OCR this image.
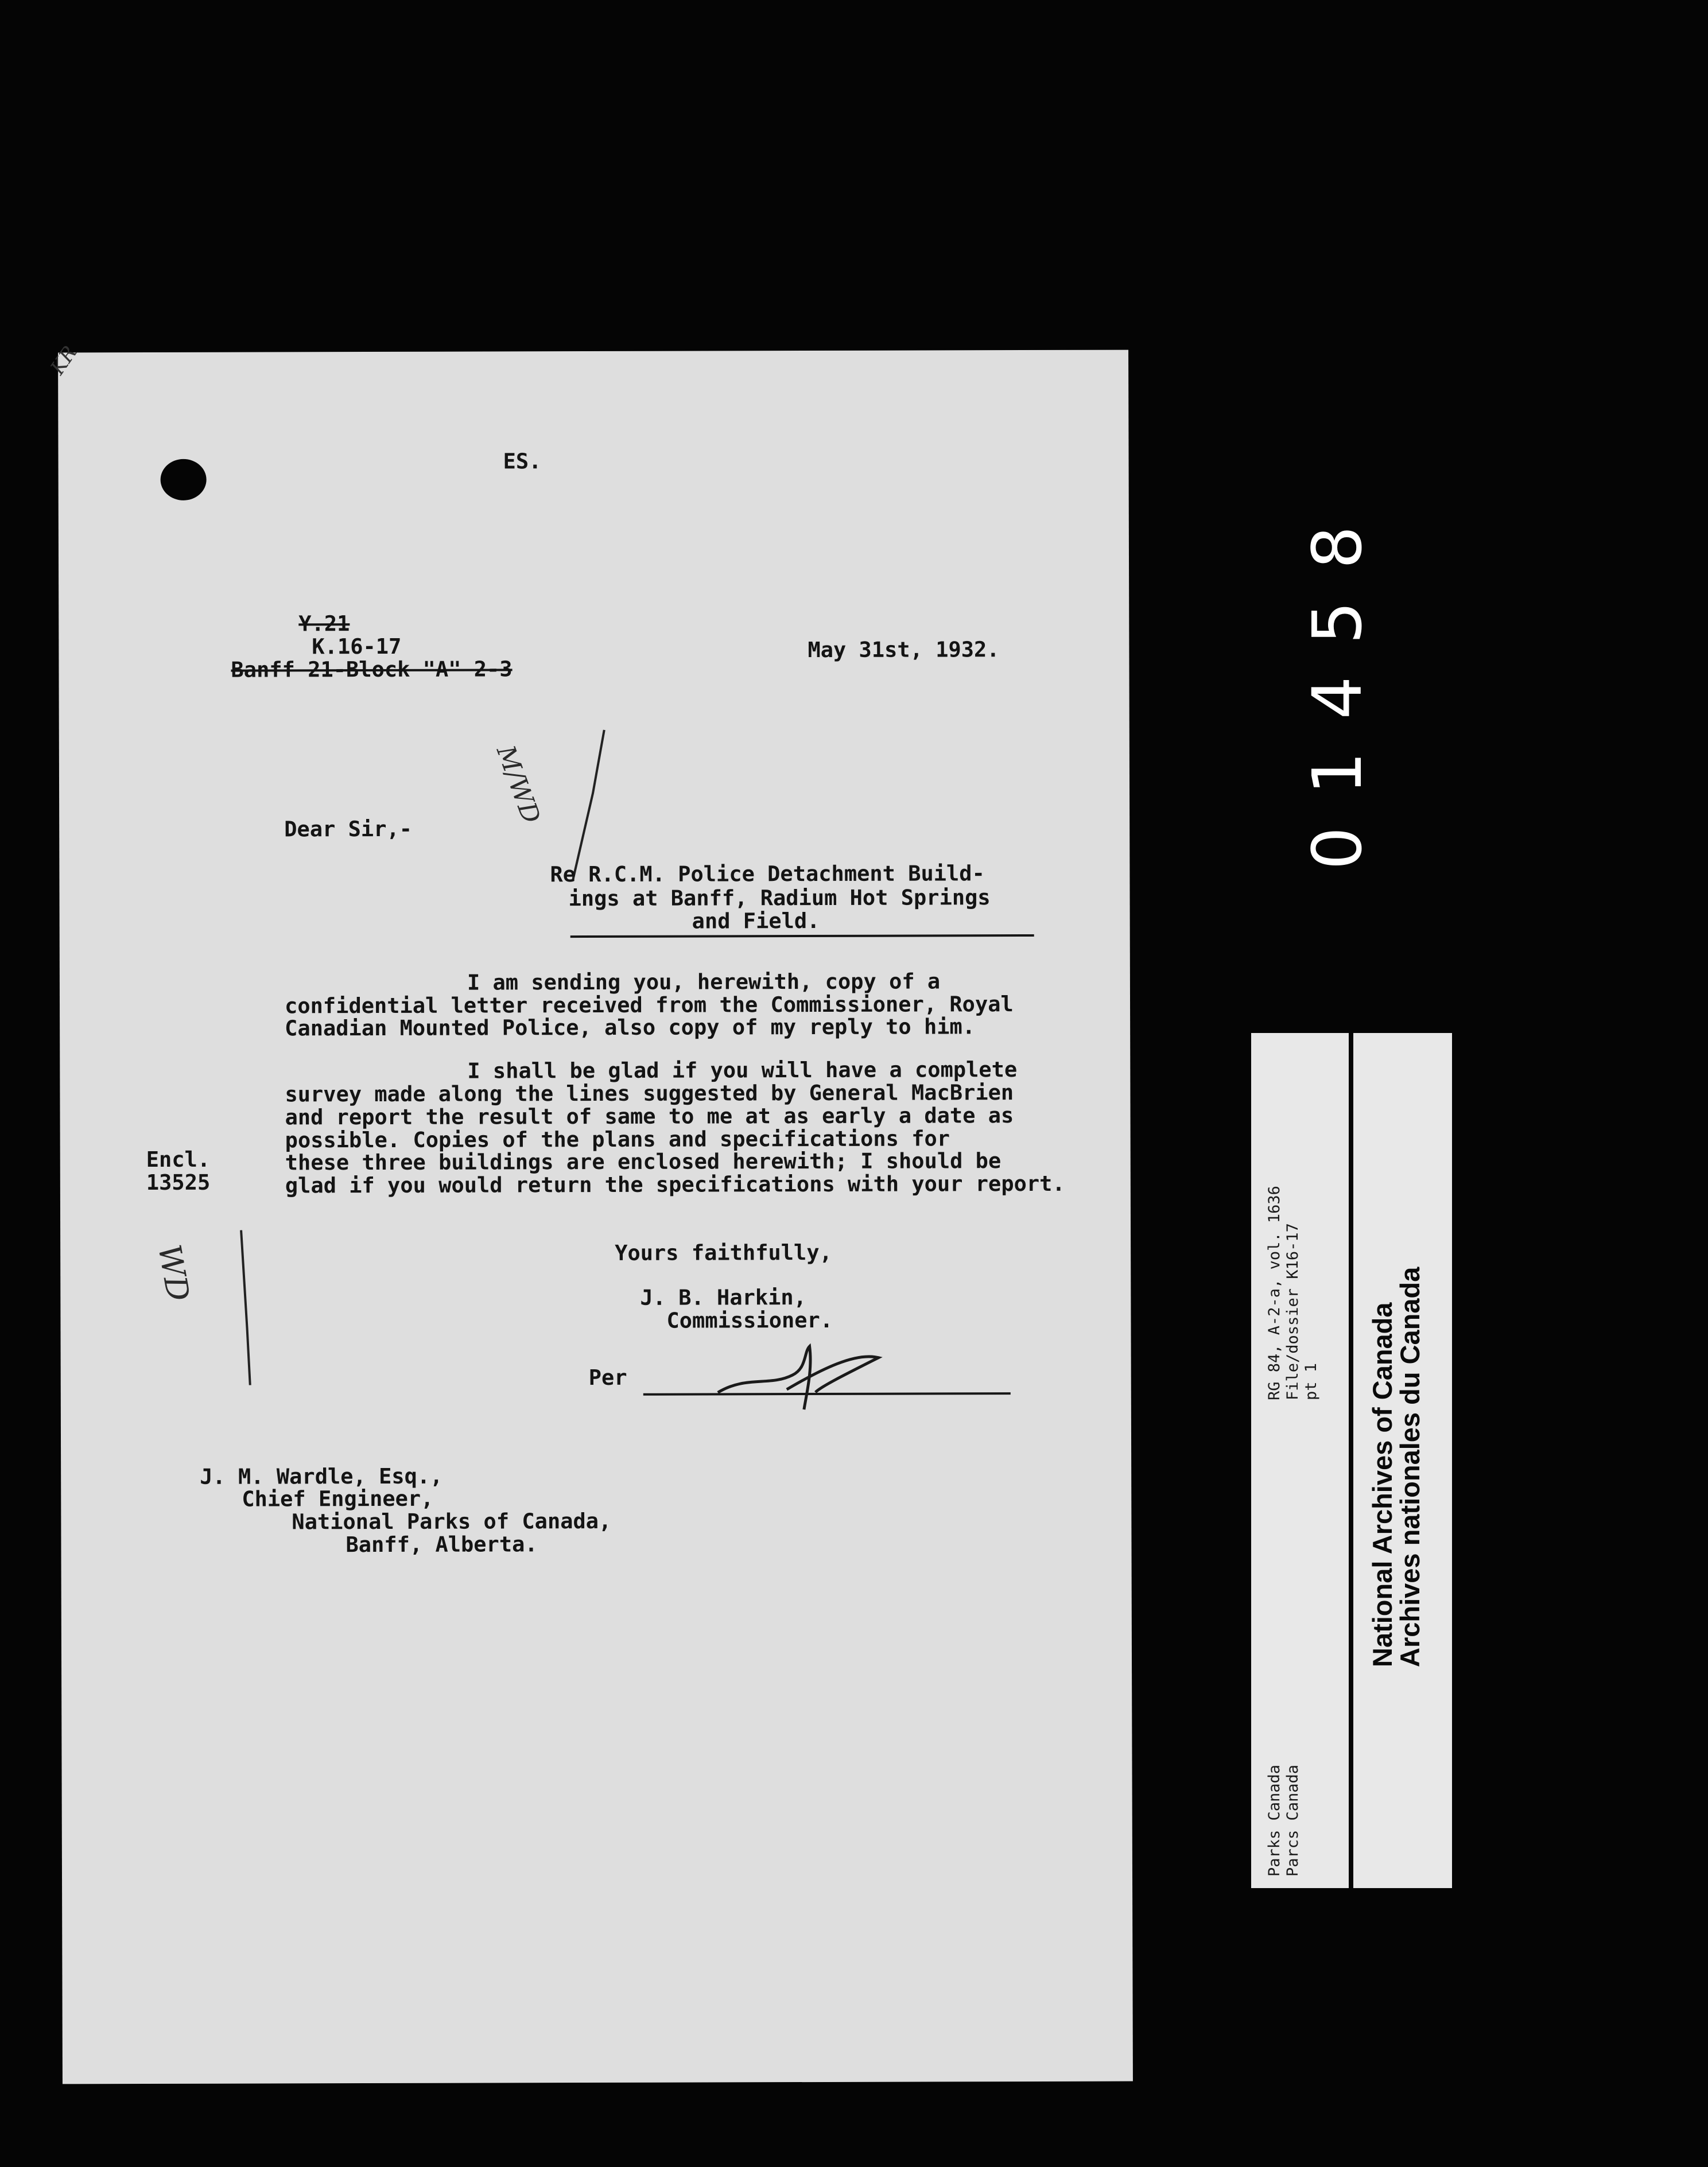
01458
KR
ES.
Y.21
K.16-17
Banff 21-Block "A" 2-3
May 31st, 1932.
M/WD
Dear Sir,-
Re R.C.M. Police Detachment Build-
ings at Banff, Radium Hot Springs
and Field.
I am sending you, herewith, copy of a
confidential letter received from the Commissioner, Royal
Canadian Mounted Police, also copy of my reply to him.
I shall be glad if you will have a complete
survey made along the lines suggested by General MacBrien
and report the result of same to me at as early a date as
possible. Copies of the plans and specifications for
these three buildings are enclosed herewith; I should be
glad if you would return the specifications with your report.
Encl.
13525
WD	Yours faithfully,
J. B. Harkin,
Commissioner.
Per
J. M. Wardle, Esq.,
Chief Engineer,
National Parks of Canada,
Banff, Alberta.
RG 84, A-2-a, vol. 1636 File/dossier K16-17 pt 1
Parks Canada Parcs Canada
National Archives of Canada
Archives nationales du Canada
